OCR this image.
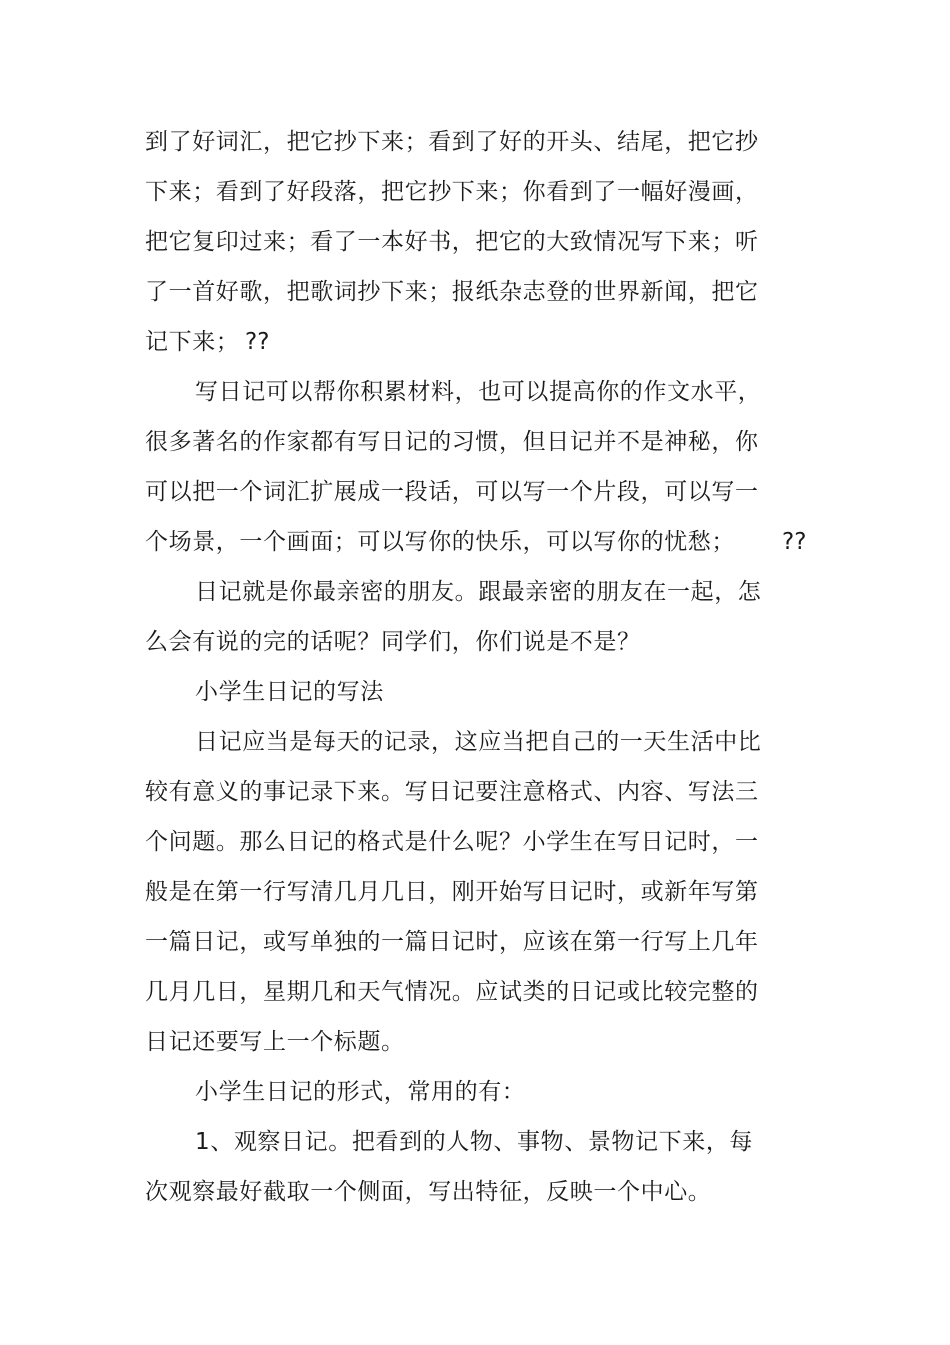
到了好词汇，把它抄下来；看到了好的开头、结尾，把它抄
下来；看到了好段落，把它抄下来；你看到了一幅好漫画，
把它复印过来；看了一本好书，把它的大致情况写下来；听
了一首好歌，把歌词抄下来；报纸杂志登的世界新闻，把它
记下来； ??
写日记可以帮你积累材料，也可以提高你的作文水平，
很多著名的作家都有写日记的习惯，但日记并不是神秘，你
可以把一个词汇扩展成一段话，可以写一个片段，可以写一
个场景，一个画面；可以写你的快乐，可以写你的忧愁； ??
日记就是你最亲密的朋友。跟最亲密的朋友在一起，怎
么会有说的完的话呢？同学们，你们说是不是？
小学生日记的写法
日记应当是每天的记录，这应当把自己的一天生活中比
较有意义的事记录下来。写日记要注意格式、内容、写法三
个问题。那么日记的格式是什么呢？小学生在写日记时，一
般是在第一行写清几月几日，刚开始写日记时，或新年写第
一篇日记，或写单独的一篇日记时，应该在第一行写上几年
几月几日，星期几和天气情况。应试类的日记或比较完整的
日记还要写上一个标题。
小学生日记的形式，常用的有：
1、观察日记。把看到的人物、事物、景物记下来，每
次观察最好截取一个侧面，写出特征，反映一个中心。
